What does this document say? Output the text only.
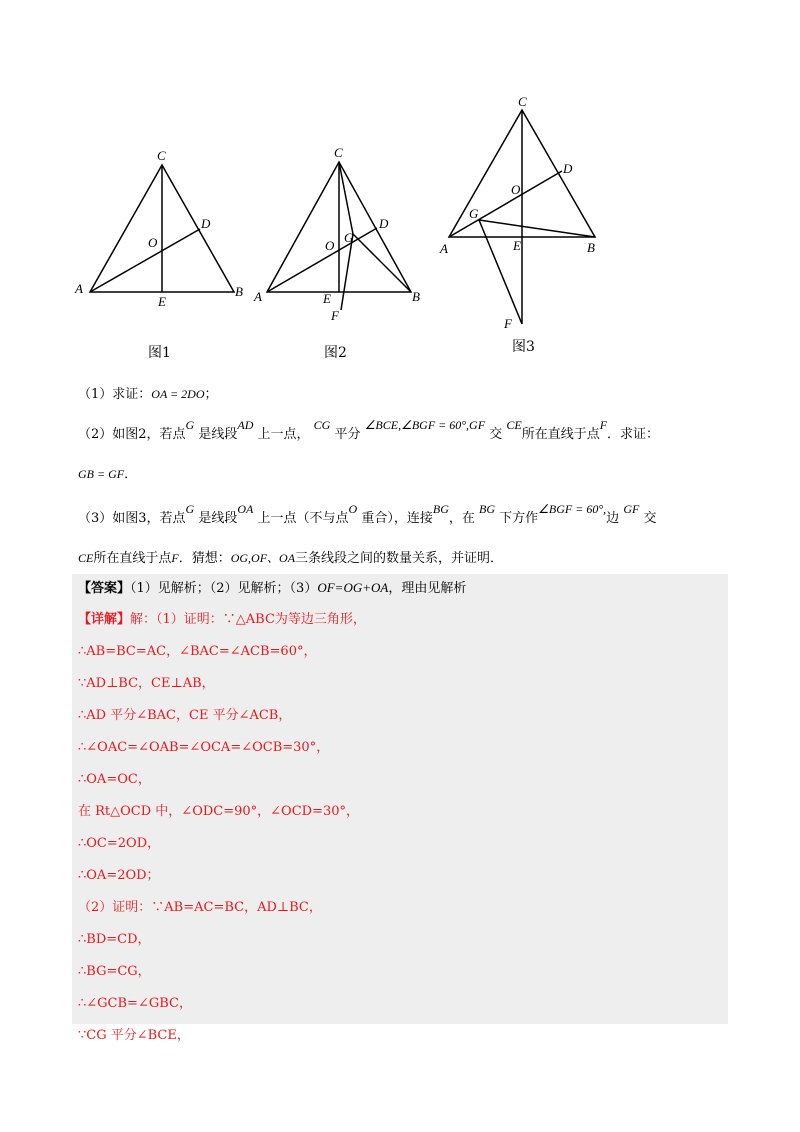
A	B
C
D
E
O
图1
A	B
C
D
E
O
G
F
图2
A	B
C
D
E
O
G
F
图3
（1）求证：OA = 2DO；
（2）如图2，若点G 是线段AD 上一点， CG 平分 ∠BCE,∠BGF = 60°,GF 交 CE所在直线于点F．求证：
GB = GF．
（3）如图3，若点G 是线段OA 上一点（不与点O 重合），连接BG，在 BG 下方作∠BGF = 60°,边 GF 交
CE所在直线于点F．猜想：OG,OF、OA三条线段之间的数量关系，并证明．
【答案】（1）见解析；（2）见解析；（3）OF=OG+OA，理由见解析
【详解】解：（1）证明：∵△ABC为等边三角形，
∴AB=BC=AC，∠BAC=∠ACB=60°，
∵AD⊥BC，CE⊥AB，
∴AD 平分∠BAC，CE 平分∠ACB，
∴∠OAC=∠OAB=∠OCA=∠OCB=30°，
∴OA=OC，
在 Rt△OCD 中，∠ODC=90°，∠OCD=30°，
∴OC=2OD，
∴OA=2OD；
（2）证明：∵AB=AC=BC，AD⊥BC，
∴BD=CD，
∴BG=CG，
∴∠GCB=∠GBC，
∵CG 平分∠BCE，
